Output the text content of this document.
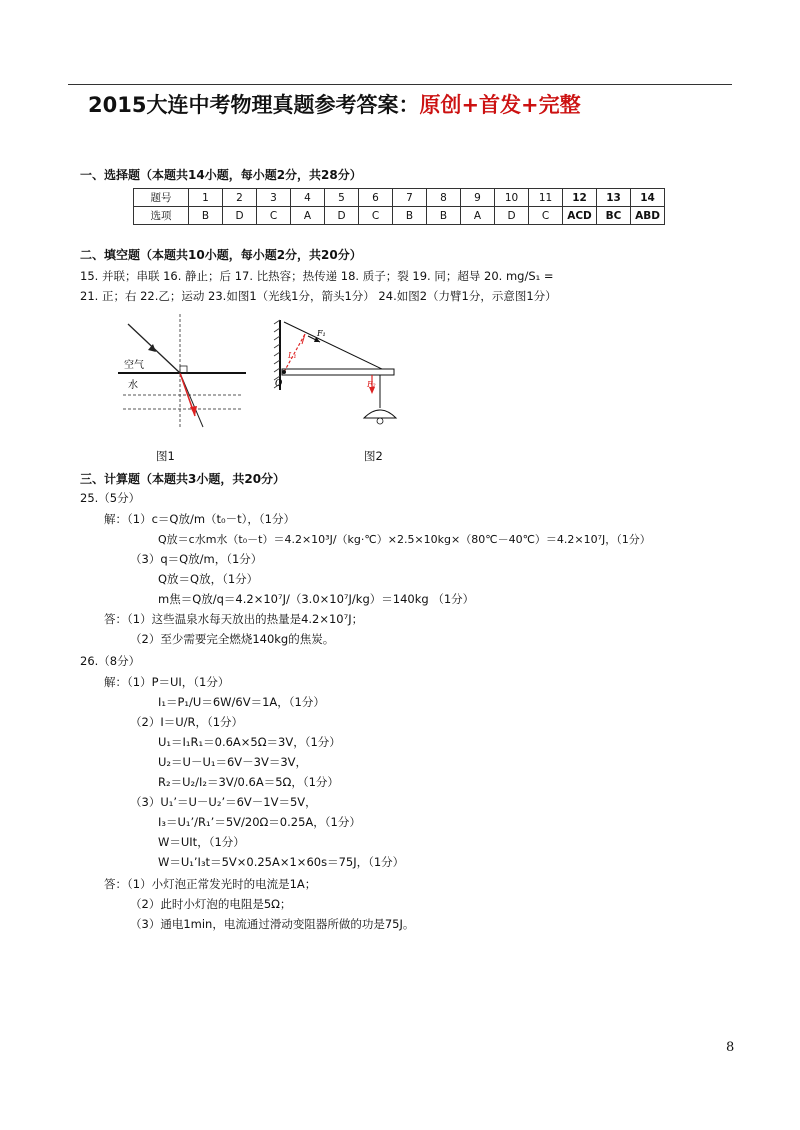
2015大连中考物理真题参考答案：原创+首发+完整
一、选择题（本题共14小题，每小题2分，共28分）
题号	1	2	3	4	5	6	7	8	9	10	11	12	13	14
选项	B	D	C	A	D	C	B	B	A	D	C	ACD	BC	ABD
二、填空题（本题共10小题，每小题2分，共20分）
15. 并联；串联 16. 静止；后 17. 比热容；热传递 18. 质子；裂 19. 同；超导 20. mg/S₁ =
21. 正；右 22.乙；运动 23.如图1（光线1分，箭头1分） 24.如图2（力臂1分，示意图1分）
空气
水
图1
O
F₁
F₂
L₁
图2
三、计算题（本题共3小题，共20分）
25.（5分）
解：（1）c＝Q放/m（t₀－t），（1分）
Q放＝c水m水（t₀－t）＝4.2×10³J/（kg·℃）×2.5×10kg×（80℃－40℃）＝4.2×10⁷J，（1分）
（3）q＝Q放/m，（1分）
Q放＝Q放，（1分）
m焦＝Q放/q＝4.2×10⁷J/（3.0×10⁷J/kg）＝140kg （1分）
答：（1）这些温泉水每天放出的热量是4.2×10⁷J；
（2）至少需要完全燃烧140kg的焦炭。
26.（8分）
解：（1）P＝UI，（1分）
I₁＝P₁/U＝6W/6V＝1A，（1分）
（2）I＝U/R，（1分）
U₁＝I₁R₁＝0.6A×5Ω＝3V，（1分）
U₂＝U－U₁＝6V－3V＝3V，
R₂＝U₂/I₂＝3V/0.6A＝5Ω，（1分）
（3）U₁’＝U－U₂’＝6V－1V＝5V，
I₃＝U₁’/R₁’＝5V/20Ω＝0.25A，（1分）
W＝UIt，（1分）
W＝U₁’I₃t＝5V×0.25A×1×60s＝75J，（1分）
答：（1）小灯泡正常发光时的电流是1A；
（2）此时小灯泡的电阻是5Ω；
（3）通电1min，电流通过滑动变阻器所做的功是75J。
8
